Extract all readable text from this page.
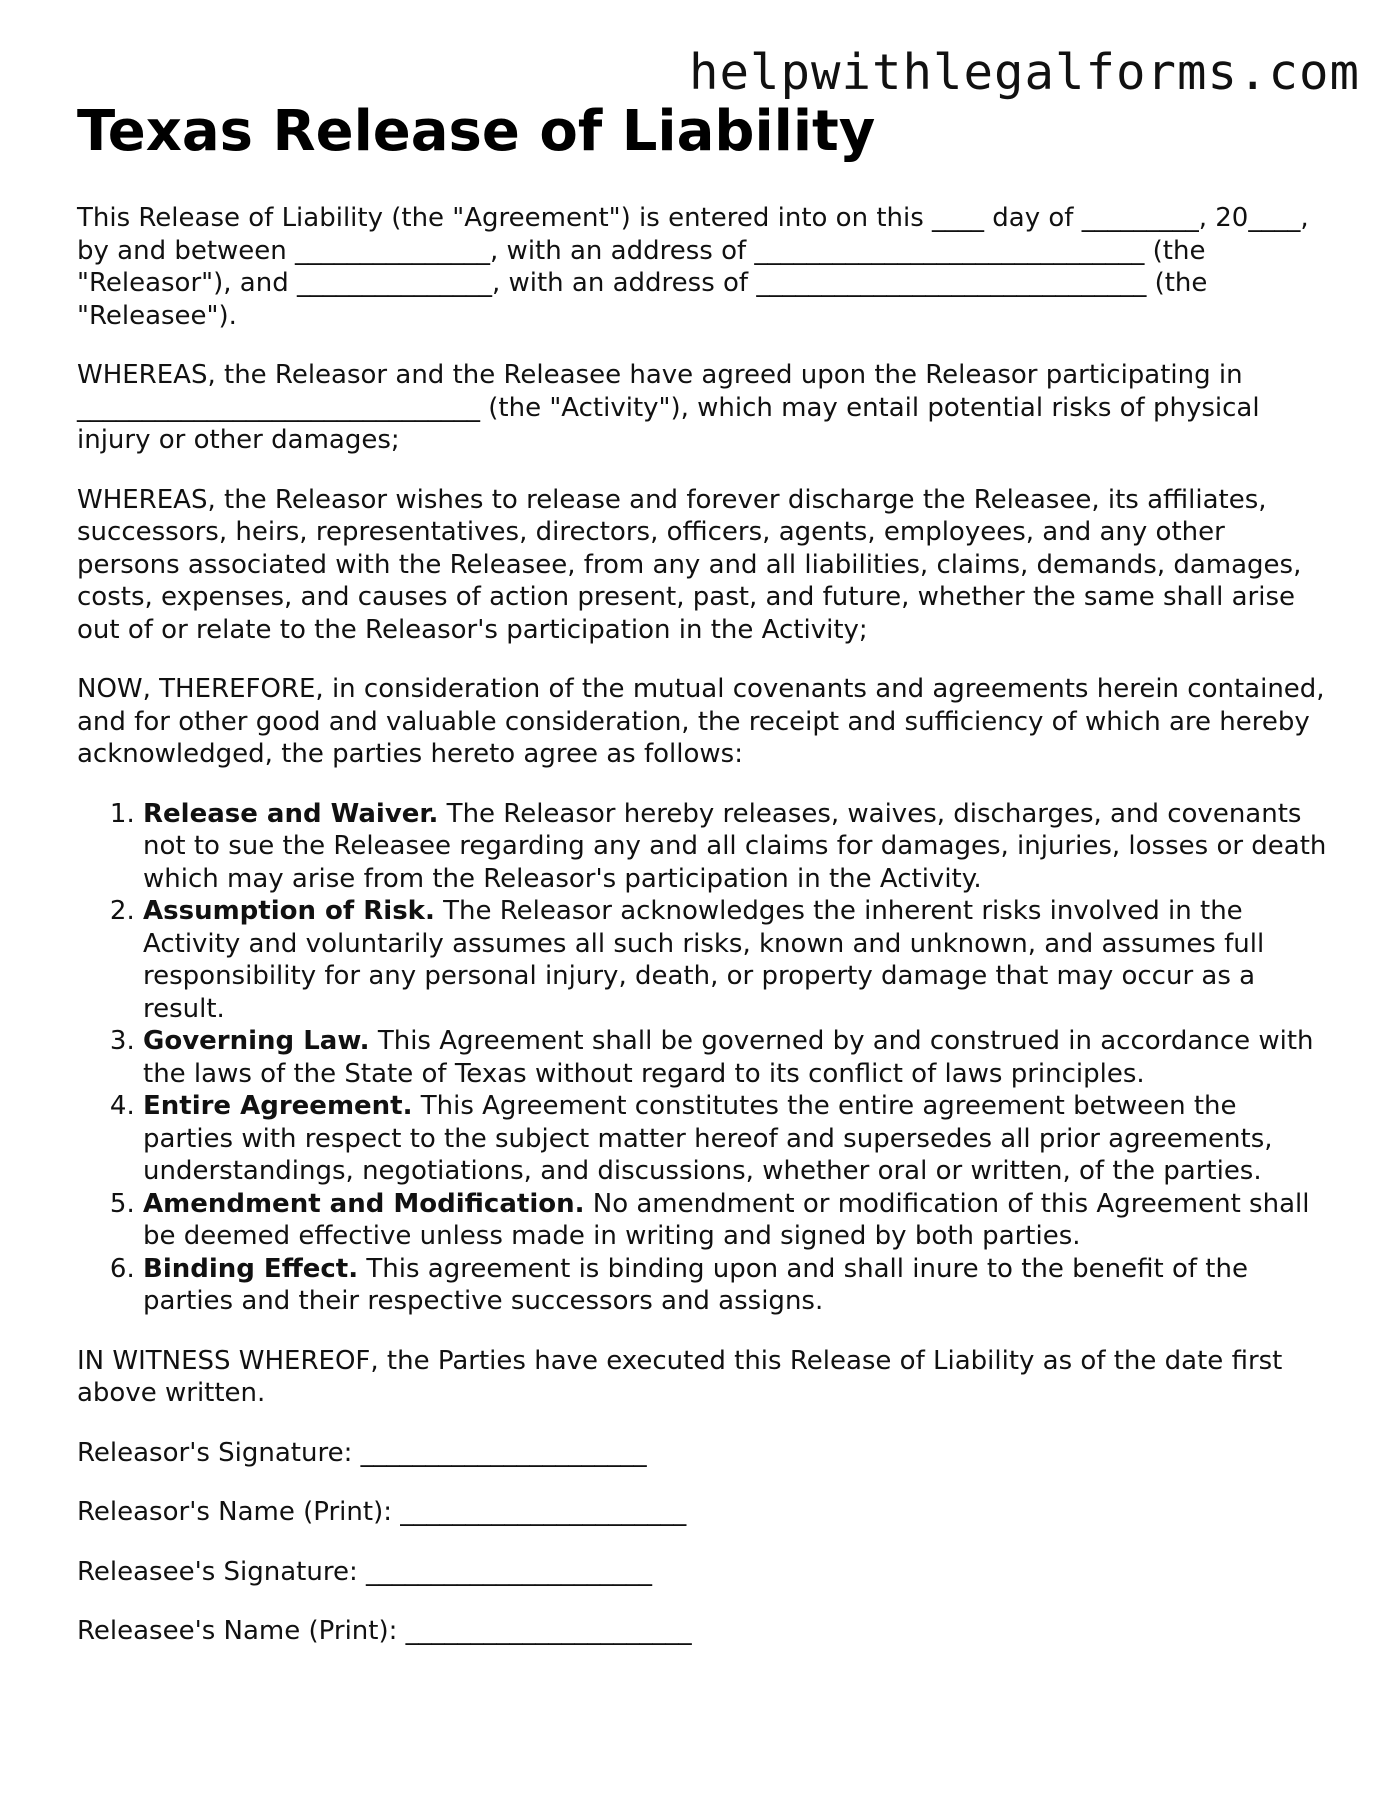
helpwithlegalforms.com
Texas Release of Liability

This Release of Liability (the "Agreement") is entered into on this ____ day of _________, 20____, by and between _______________, with an address of ______________________________ (the "Releasor"), and _______________, with an address of ______________________________ (the "Releasee").

WHEREAS, the Releasor and the Releasee have agreed upon the Releasor participating in _______________________________ (the "Activity"), which may entail potential risks of physical injury or other damages;

WHEREAS, the Releasor wishes to release and forever discharge the Releasee, its affiliates, successors, heirs, representatives, directors, officers, agents, employees, and any other persons associated with the Releasee, from any and all liabilities, claims, demands, damages, costs, expenses, and causes of action present, past, and future, whether the same shall arise out of or relate to the Releasor's participation in the Activity;

NOW, THEREFORE, in consideration of the mutual covenants and agreements herein contained, and for other good and valuable consideration, the receipt and sufficiency of which are hereby acknowledged, the parties hereto agree as follows:

1. Release and Waiver. The Releasor hereby releases, waives, discharges, and covenants not to sue the Releasee regarding any and all claims for damages, injuries, losses or death which may arise from the Releasor's participation in the Activity.
2. Assumption of Risk. The Releasor acknowledges the inherent risks involved in the Activity and voluntarily assumes all such risks, known and unknown, and assumes full responsibility for any personal injury, death, or property damage that may occur as a result.
3. Governing Law. This Agreement shall be governed by and construed in accordance with the laws of the State of Texas without regard to its conflict of laws principles.
4. Entire Agreement. This Agreement constitutes the entire agreement between the parties with respect to the subject matter hereof and supersedes all prior agreements, understandings, negotiations, and discussions, whether oral or written, of the parties.
5. Amendment and Modification. No amendment or modification of this Agreement shall be deemed effective unless made in writing and signed by both parties.
6. Binding Effect. This agreement is binding upon and shall inure to the benefit of the parties and their respective successors and assigns.

IN WITNESS WHEREOF, the Parties have executed this Release of Liability as of the date first above written.

Releasor's Signature: ______________________
Releasor's Name (Print): ______________________
Releasee's Signature: ______________________
Releasee's Name (Print): ______________________
